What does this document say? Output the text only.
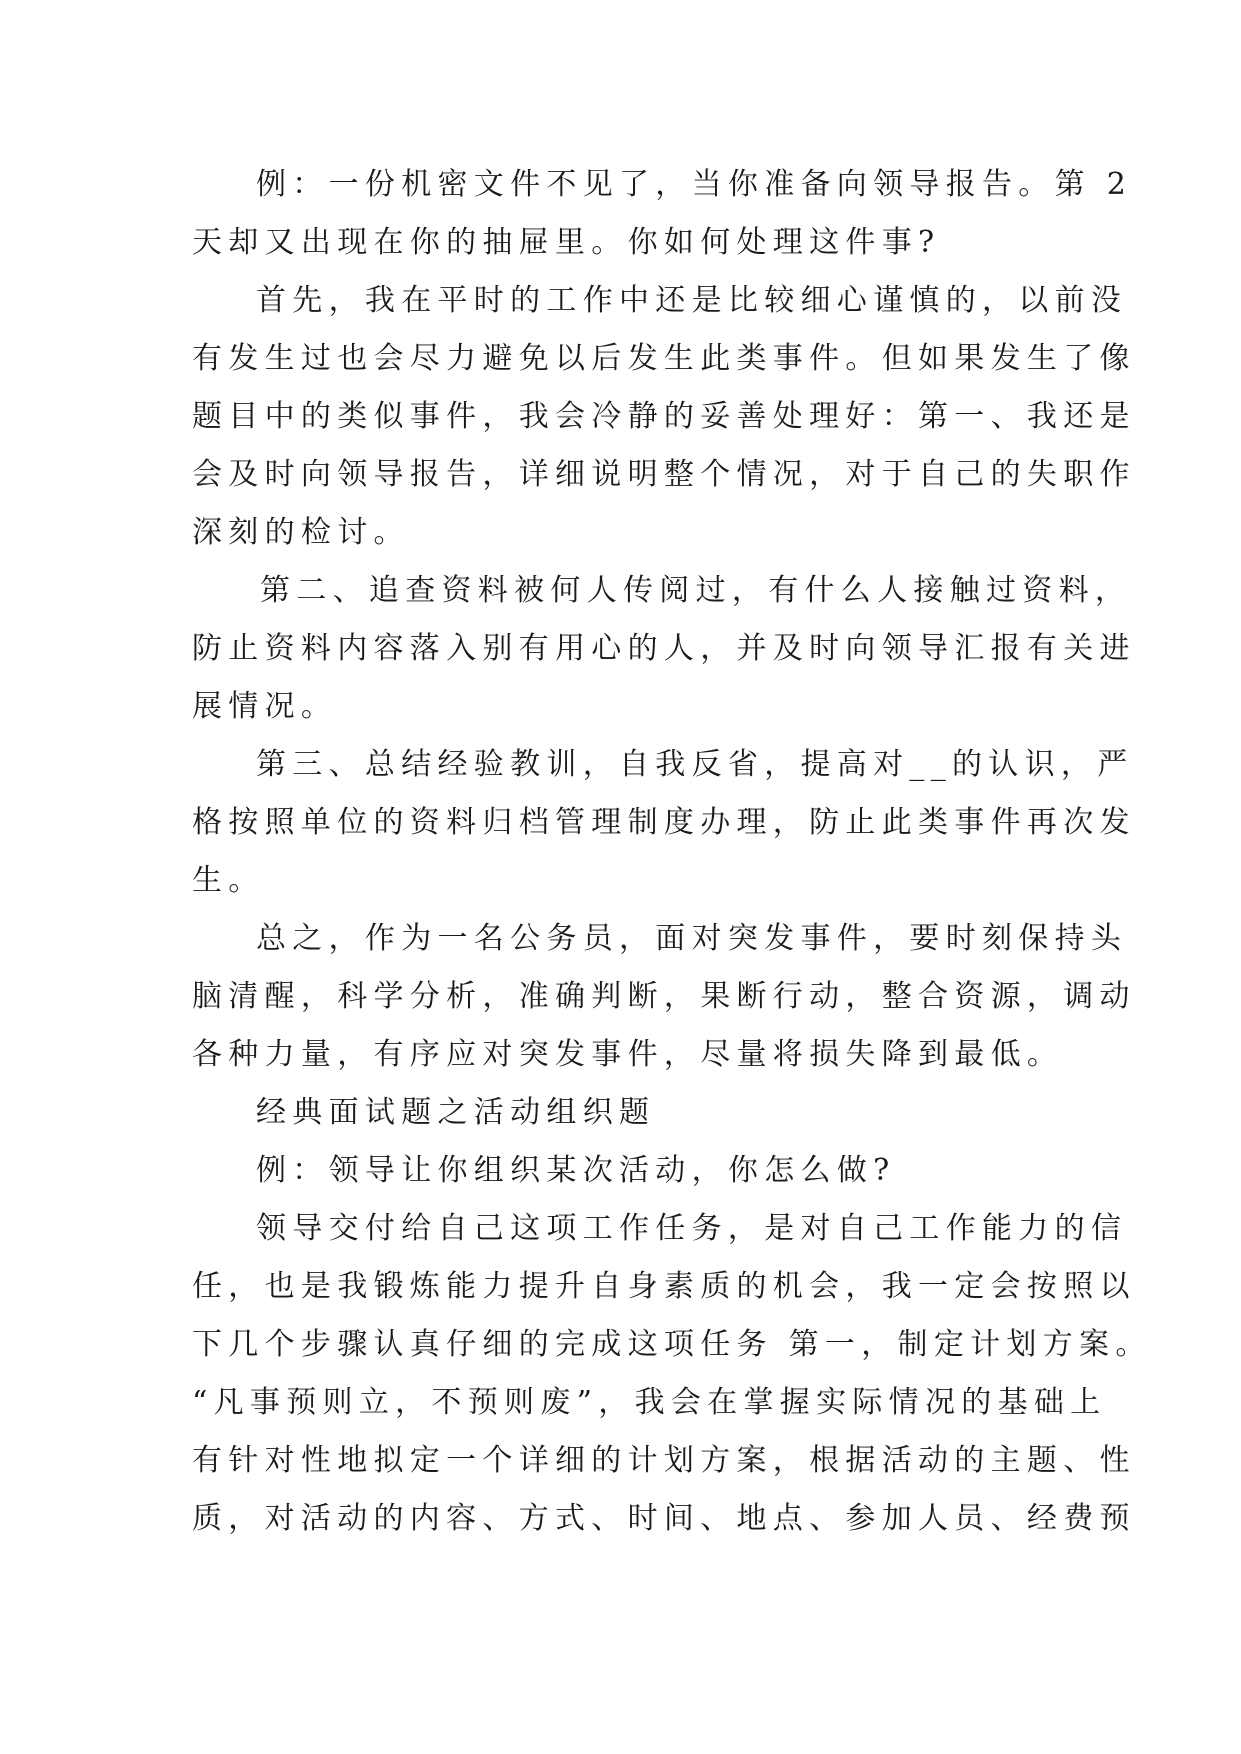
例：一份机密文件不见了，当你准备向领导报告。第 2
天却又出现在你的抽屉里。你如何处理这件事?
首先，我在平时的工作中还是比较细心谨慎的，以前没
有发生过也会尽力避免以后发生此类事件。但如果发生了像
题目中的类似事件，我会冷静的妥善处理好：第一、我还是
会及时向领导报告，详细说明整个情况，对于自己的失职作
深刻的检讨。
第二、追查资料被何人传阅过，有什么人接触过资料，
防止资料内容落入别有用心的人，并及时向领导汇报有关进
展情况。
第三、总结经验教训，自我反省，提高对__的认识，严
格按照单位的资料归档管理制度办理，防止此类事件再次发
生。
总之，作为一名公务员，面对突发事件，要时刻保持头
脑清醒，科学分析，准确判断，果断行动，整合资源，调动
各种力量，有序应对突发事件，尽量将损失降到最低。
经典面试题之活动组织题
例：领导让你组织某次活动，你怎么做?
领导交付给自己这项工作任务，是对自己工作能力的信
任，也是我锻炼能力提升自身素质的机会，我一定会按照以
下几个步骤认真仔细的完成这项任务 第一，制定计划方案。
“凡事预则立，不预则废”，我会在掌握实际情况的基础上
有针对性地拟定一个详细的计划方案，根据活动的主题、性
质，对活动的内容、方式、时间、地点、参加人员、经费预
